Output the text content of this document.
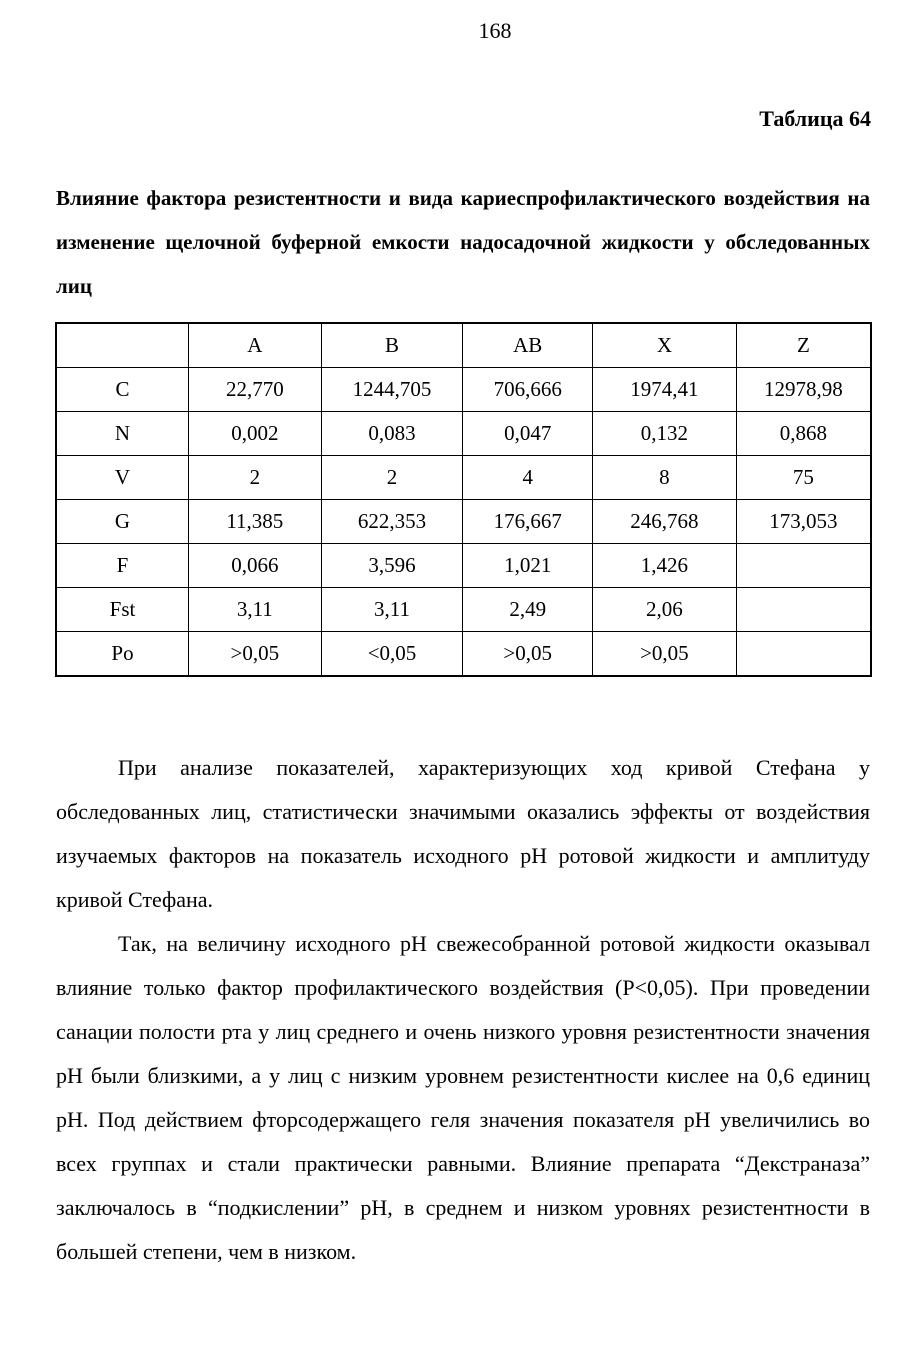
168
Таблица 64

Влияние фактора резистентности и вида кариеспрофилактического воздействия на изменение щелочной буферной емкости надосадочной жидкости у обследованных лиц

	A	B	AB	X	Z
C	22,770	1244,705	706,666	1974,41	12978,98
N	0,002	0,083	0,047	0,132	0,868
V	2	2	4	8	75
G	11,385	622,353	176,667	246,768	173,053
F	0,066	3,596	1,021	1,426	
Fst	3,11	3,11	2,49	2,06	
Po	>0,05	<0,05	>0,05	>0,05	

При анализе показателей, характеризующих ход кривой Стефана у обследованных лиц, статистически значимыми оказались эффекты от воздействия изучаемых факторов на показатель исходного рН ротовой жидкости и амплитуду кривой Стефана.

Так, на величину исходного рН свежесобранной ротовой жидкости оказывал влияние только фактор профилактического воздействия (Р<0,05). При проведении санации полости рта у лиц среднего и очень низкого уровня резистентности значения рН были близкими, а у лиц с низким уровнем резистентности кислее на 0,6 единиц рН. Под действием фторсодержащего геля значения показателя рН увеличились во всех группах и стали практически равными. Влияние препарата “Декстраназа” заключалось в “подкислении” рН, в среднем и низком уровнях резистентности в большей степени, чем в низком.
